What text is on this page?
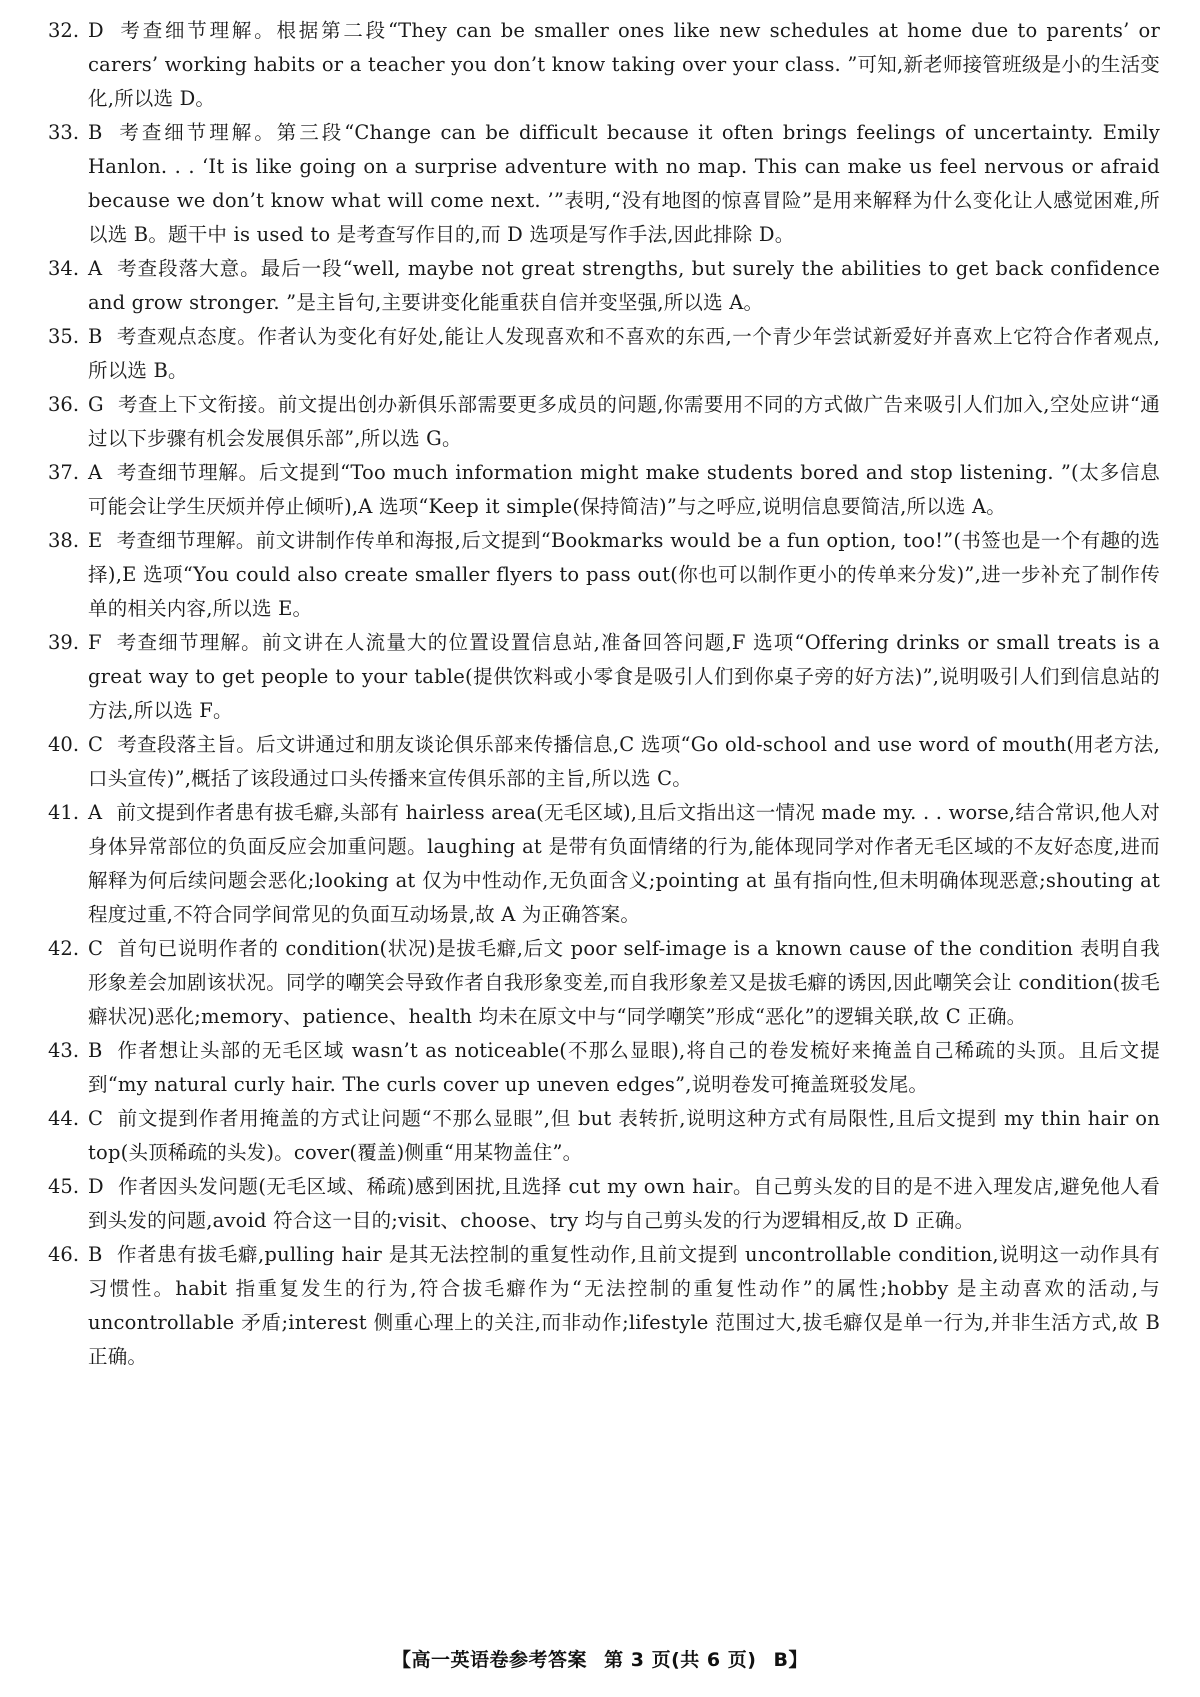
32. D 考查细节理解。根据第二段“They can be smaller ones like new schedules at home due to parents’ or carers’ working habits or a teacher you don’t know taking over your class. ”可知,新老师接管班级是小的生活变化,所以选 D。

33. B 考查细节理解。第三段“Change can be difficult because it often brings feelings of uncertainty. Emily Hanlon. . . ‘It is like going on a surprise adventure with no map. This can make us feel nervous or afraid because we don’t know what will come next. ’”表明,“没有地图的惊喜冒险”是用来解释为什么变化让人感觉困难,所以选 B。题干中 is used to 是考查写作目的,而 D 选项是写作手法,因此排除 D。

34. A 考查段落大意。最后一段“well, maybe not great strengths, but surely the abilities to get back confidence and grow stronger. ”是主旨句,主要讲变化能重获自信并变坚强,所以选 A。

35. B 考查观点态度。作者认为变化有好处,能让人发现喜欢和不喜欢的东西,一个青少年尝试新爱好并喜欢上它符合作者观点,所以选 B。

36. G 考查上下文衔接。前文提出创办新俱乐部需要更多成员的问题,你需要用不同的方式做广告来吸引人们加入,空处应讲“通过以下步骤有机会发展俱乐部”,所以选 G。

37. A 考查细节理解。后文提到“Too much information might make students bored and stop listening. ”(太多信息可能会让学生厌烦并停止倾听),A 选项“Keep it simple(保持简洁)”与之呼应,说明信息要简洁,所以选 A。

38. E 考查细节理解。前文讲制作传单和海报,后文提到“Bookmarks would be a fun option, too!”(书签也是一个有趣的选择),E 选项“You could also create smaller flyers to pass out(你也可以制作更小的传单来分发)”,进一步补充了制作传单的相关内容,所以选 E。

39. F 考查细节理解。前文讲在人流量大的位置设置信息站,准备回答问题,F 选项“Offering drinks or small treats is a great way to get people to your table(提供饮料或小零食是吸引人们到你桌子旁的好方法)”,说明吸引人们到信息站的方法,所以选 F。

40. C 考查段落主旨。后文讲通过和朋友谈论俱乐部来传播信息,C 选项“Go old-school and use word of mouth(用老方法,口头宣传)”,概括了该段通过口头传播来宣传俱乐部的主旨,所以选 C。

41. A 前文提到作者患有拔毛癖,头部有 hairless area(无毛区域),且后文指出这一情况 made my. . . worse,结合常识,他人对身体异常部位的负面反应会加重问题。laughing at 是带有负面情绪的行为,能体现同学对作者无毛区域的不友好态度,进而解释为何后续问题会恶化;looking at 仅为中性动作,无负面含义;pointing at 虽有指向性,但未明确体现恶意;shouting at 程度过重,不符合同学间常见的负面互动场景,故 A 为正确答案。

42. C 首句已说明作者的 condition(状况)是拔毛癖,后文 poor self-image is a known cause of the condition 表明自我形象差会加剧该状况。同学的嘲笑会导致作者自我形象变差,而自我形象差又是拔毛癖的诱因,因此嘲笑会让 condition(拔毛癖状况)恶化;memory、patience、health 均未在原文中与“同学嘲笑”形成“恶化”的逻辑关联,故 C 正确。

43. B 作者想让头部的无毛区域 wasn’t as noticeable(不那么显眼),将自己的卷发梳好来掩盖自己稀疏的头顶。且后文提到“my natural curly hair. The curls cover up uneven edges”,说明卷发可掩盖斑驳发尾。

44. C 前文提到作者用掩盖的方式让问题“不那么显眼”,但 but 表转折,说明这种方式有局限性,且后文提到 my thin hair on top(头顶稀疏的头发)。cover(覆盖)侧重“用某物盖住”。

45. D 作者因头发问题(无毛区域、稀疏)感到困扰,且选择 cut my own hair。自己剪头发的目的是不进入理发店,避免他人看到头发的问题,avoid 符合这一目的;visit、choose、try 均与自己剪头发的行为逻辑相反,故 D 正确。

46. B 作者患有拔毛癖,pulling hair 是其无法控制的重复性动作,且前文提到 uncontrollable condition,说明这一动作具有习惯性。habit 指重复发生的行为,符合拔毛癖作为“无法控制的重复性动作”的属性;hobby 是主动喜欢的活动,与 uncontrollable 矛盾;interest 侧重心理上的关注,而非动作;lifestyle 范围过大,拔毛癖仅是单一行为,并非生活方式,故 B 正确。

【高一英语卷参考答案 第 3 页(共 6 页) B】
